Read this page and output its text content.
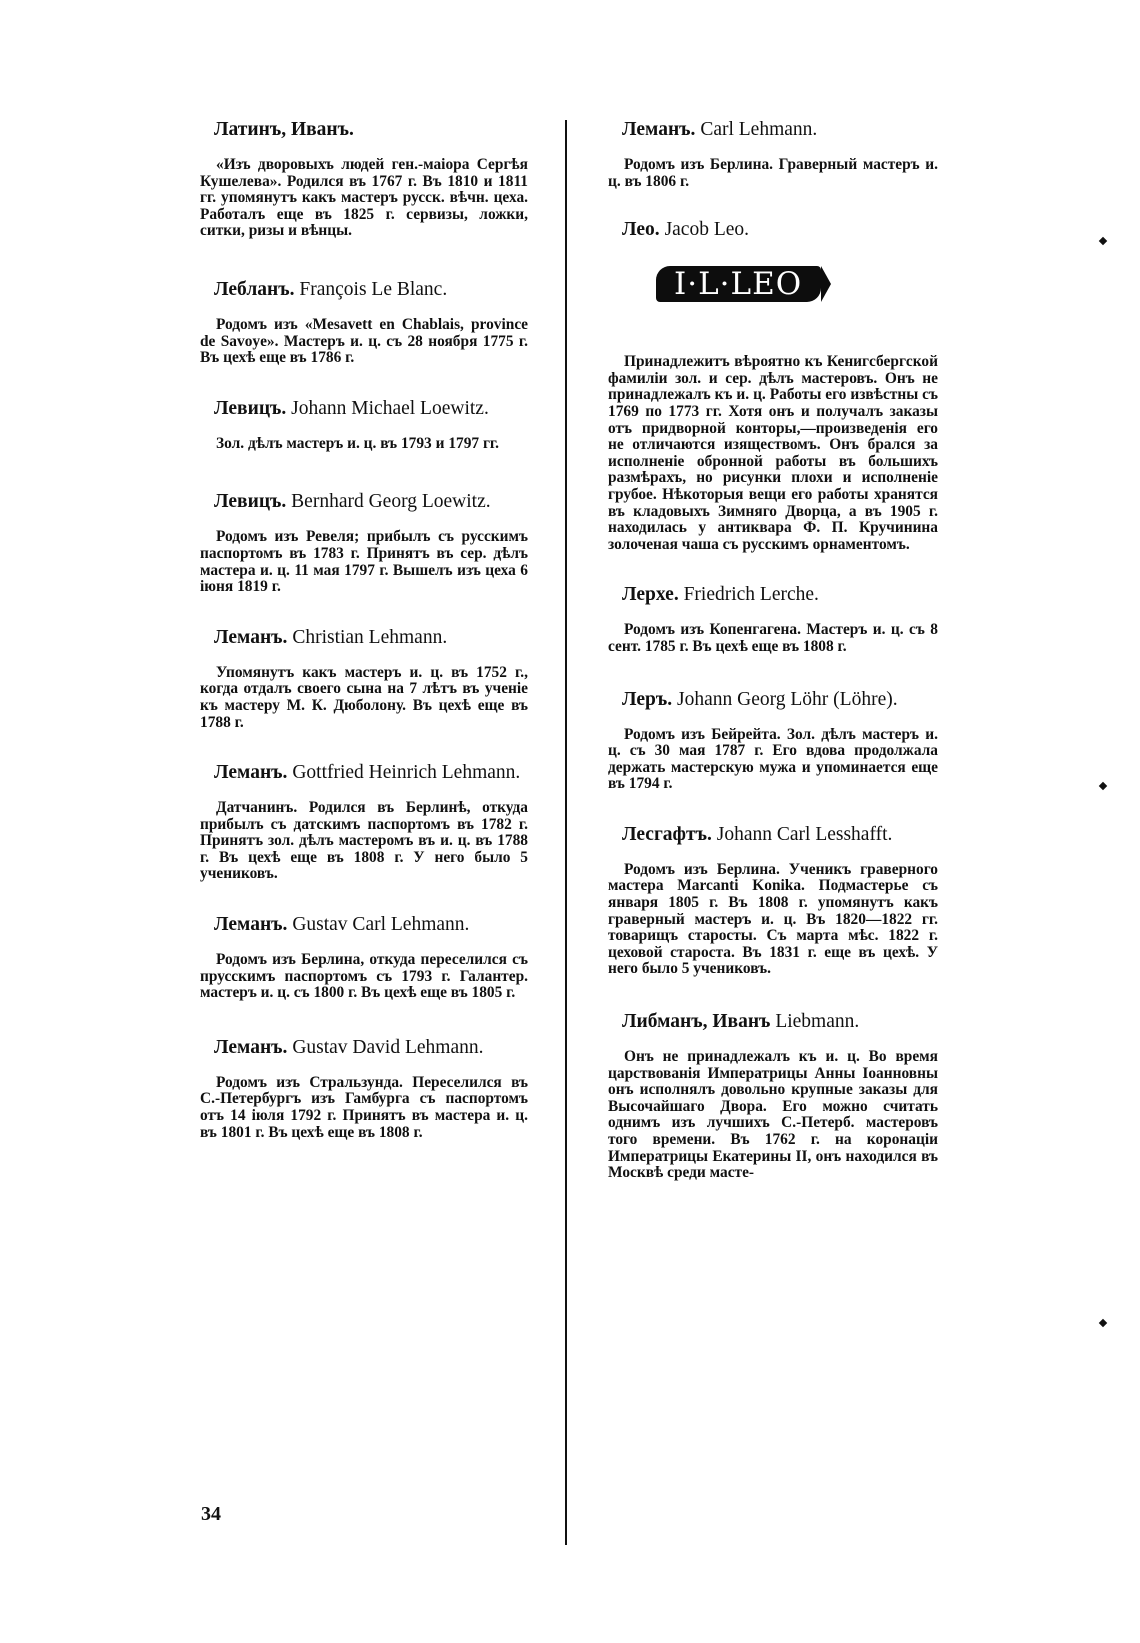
Латинъ, Иванъ.

«Изъ дворовыхъ людей ген.-маіора Сергѣя Кушелева». Родился въ 1767 г. Въ 1810 и 1811 гг. упомянутъ какъ мастеръ русск. вѣчн. цеха. Работалъ еще въ 1825 г. сервизы, ложки, ситки, ризы и вѣнцы.

Лебланъ. François Le Blanc.

Родомъ изъ «Mesavett en Chablais, province de Savoye». Мастеръ и. ц. съ 28 ноября 1775 г. Въ цехѣ еще въ 1786 г.

Левицъ. Johann Michael Loewitz.

Зол. дѣлъ мастеръ и. ц. въ 1793 и 1797 гг.

Левицъ. Bernhard Georg Loewitz.

Родомъ изъ Ревеля; прибылъ съ русскимъ паспортомъ въ 1783 г. Принятъ въ сер. дѣлъ мастера и. ц. 11 мая 1797 г. Вышелъ изъ цеха 6 іюня 1819 г.

Леманъ. Christian Lehmann.

Упомянутъ какъ мастеръ и. ц. въ 1752 г., когда отдалъ своего сына на 7 лѣтъ въ ученіе къ мастеру М. К. Дюболону. Въ цехѣ еще въ 1788 г.

Леманъ. Gottfried Heinrich Lehmann.

Датчанинъ. Родился въ Берлинѣ, откуда прибылъ съ датскимъ паспортомъ въ 1782 г. Принятъ зол. дѣлъ мастеромъ въ и. ц. въ 1788 г. Въ цехѣ еще въ 1808 г. У него было 5 учениковъ.

Леманъ. Gustav Carl Lehmann.

Родомъ изъ Берлина, откуда переселился съ прусскимъ паспортомъ съ 1793 г. Галантер. мастеръ и. ц. съ 1800 г. Въ цехѣ еще въ 1805 г.

Леманъ. Gustav David Lehmann.

Родомъ изъ Стральзунда. Переселился въ С.-Петербургъ изъ Гамбурга съ паспортомъ отъ 14 іюля 1792 г. Принятъ въ мастера и. ц. въ 1801 г. Въ цехѣ еще въ 1808 г.

Леманъ. Carl Lehmann.

Родомъ изъ Берлина. Граверный мастеръ и. ц. въ 1806 г.

Лео. Jacob Leo.
I·L·LEO

Принадлежитъ вѣроятно къ Кенигсбергской фамиліи зол. и сер. дѣлъ мастеровъ. Онъ не принадлежалъ къ и. ц. Работы его извѣстны съ 1769 по 1773 гг. Хотя онъ и получалъ заказы отъ придворной конторы,—произведенія его не отличаются изяществомъ. Онъ брался за исполненіе обронной работы въ большихъ размѣрахъ, но рисунки плохи и исполненіе грубое. Нѣкоторыя вещи его работы хранятся въ кладовыхъ Зимняго Дворца, а въ 1905 г. находилась у антиквара Ф. П. Кручинина золоченая чаша съ русскимъ орнаментомъ.

Лерхе. Friedrich Lerche.

Родомъ изъ Копенгагена. Мастеръ и. ц. съ 8 сент. 1785 г. Въ цехѣ еще въ 1808 г.

Леръ. Johann Georg Löhr (Löhre).

Родомъ изъ Бейрейта. Зол. дѣлъ мастеръ и. ц. съ 30 мая 1787 г. Его вдова продолжала держать мастерскую мужа и упоминается еще въ 1794 г.

Лесгафтъ. Johann Carl Lesshafft.

Родомъ изъ Берлина. Ученикъ граверного мастера Marcanti Konika. Подмастерье съ января 1805 г. Въ 1808 г. упомянутъ какъ граверный мастеръ и. ц. Въ 1820—1822 гг. товарищъ старосты. Съ марта мѣс. 1822 г. цеховой староста. Въ 1831 г. еще въ цехѣ. У него было 5 учениковъ.

Либманъ, Иванъ Liebmann.

Онъ не принадлежалъ къ и. ц. Во время царствованія Императрицы Анны Іоанновны онъ исполнялъ довольно крупные заказы для Высочайшаго Двора. Его можно считать однимъ изъ лучшихъ С.-Петерб. мастеровъ того времени. Въ 1762 г. на коронаціи Императрицы Екатерины II, онъ находился въ Москвѣ среди масте-

34
